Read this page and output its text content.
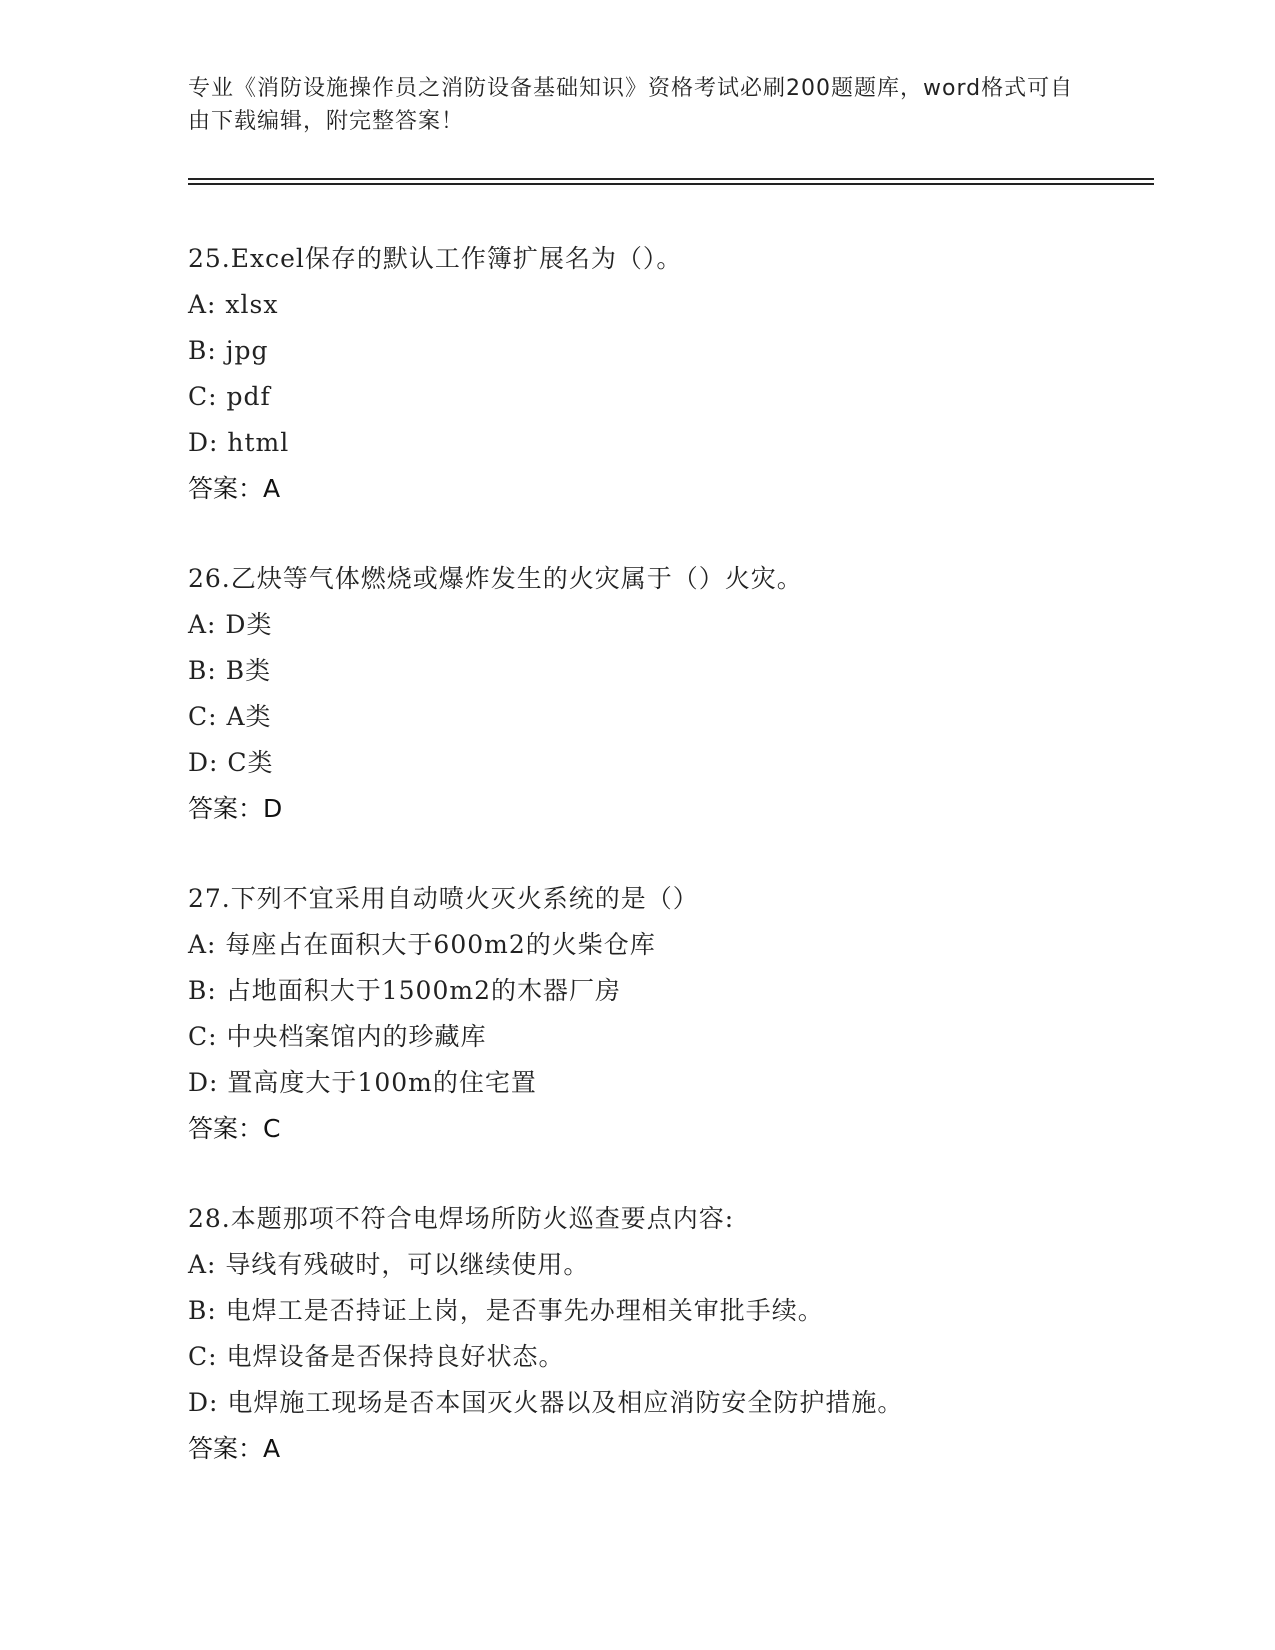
专业《消防设施操作员之消防设备基础知识》资格考试必刷200题题库，word格式可自由下载编辑，附完整答案！
25.Excel保存的默认工作簿扩展名为（）。
A: xlsx
B: jpg
C: pdf
D: html
答案：A
26.乙炔等气体燃烧或爆炸发生的火灾属于（）火灾。
A: D类
B: B类
C: A类
D: C类
答案：D
27.下列不宜采用自动喷火灭火系统的是（）
A: 每座占在面积大于600m2的火柴仓库
B: 占地面积大于1500m2的木器厂房
C: 中央档案馆内的珍藏库
D: 置高度大于100m的住宅置
答案：C
28.本题那项不符合电焊场所防火巡查要点内容:
A: 导线有残破时，可以继续使用。
B: 电焊工是否持证上岗，是否事先办理相关审批手续。
C: 电焊设备是否保持良好状态。
D: 电焊施工现场是否本国灭火器以及相应消防安全防护措施。
答案：A
